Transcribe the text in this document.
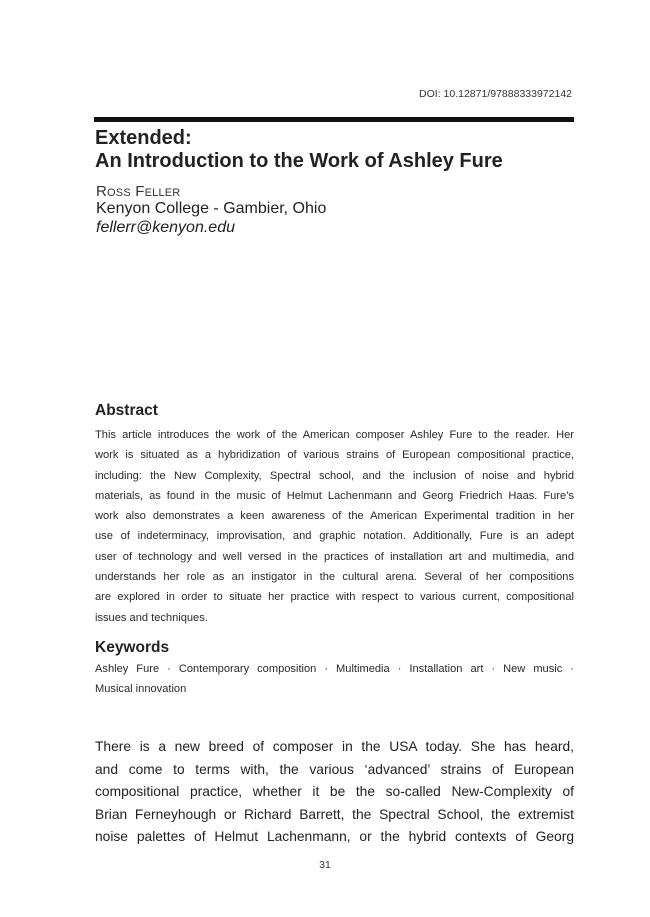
DOI: 10.12871/97888333972142
Extended:
An Introduction to the Work of Ashley Fure
Ross Feller
Kenyon College - Gambier, Ohio
fellerr@kenyon.edu
Abstract
This article introduces the work of the American composer Ashley Fure to the reader. Her
work is situated as a hybridization of various strains of European compositional practice,
including: the New Complexity, Spectral school, and the inclusion of noise and hybrid
materials, as found in the music of Helmut Lachenmann and Georg Friedrich Haas. Fure’s
work also demonstrates a keen awareness of the American Experimental tradition in her
use of indeterminacy, improvisation, and graphic notation. Additionally, Fure is an adept
user of technology and well versed in the practices of installation art and multimedia, and
understands her role as an instigator in the cultural arena. Several of her compositions
are explored in order to situate her practice with respect to various current, compositional
issues and techniques.
Keywords
Ashley Fure · Contemporary composition · Multimedia · Installation art · New music ·
Musical innovation
There is a new breed of composer in the USA today. She has heard,
and come to terms with, the various ‘advanced’ strains of European
compositional practice, whether it be the so-called New-Complexity of
Brian Ferneyhough or Richard Barrett, the Spectral School, the extremist
noise palettes of Helmut Lachenmann, or the hybrid contexts of Georg
31
